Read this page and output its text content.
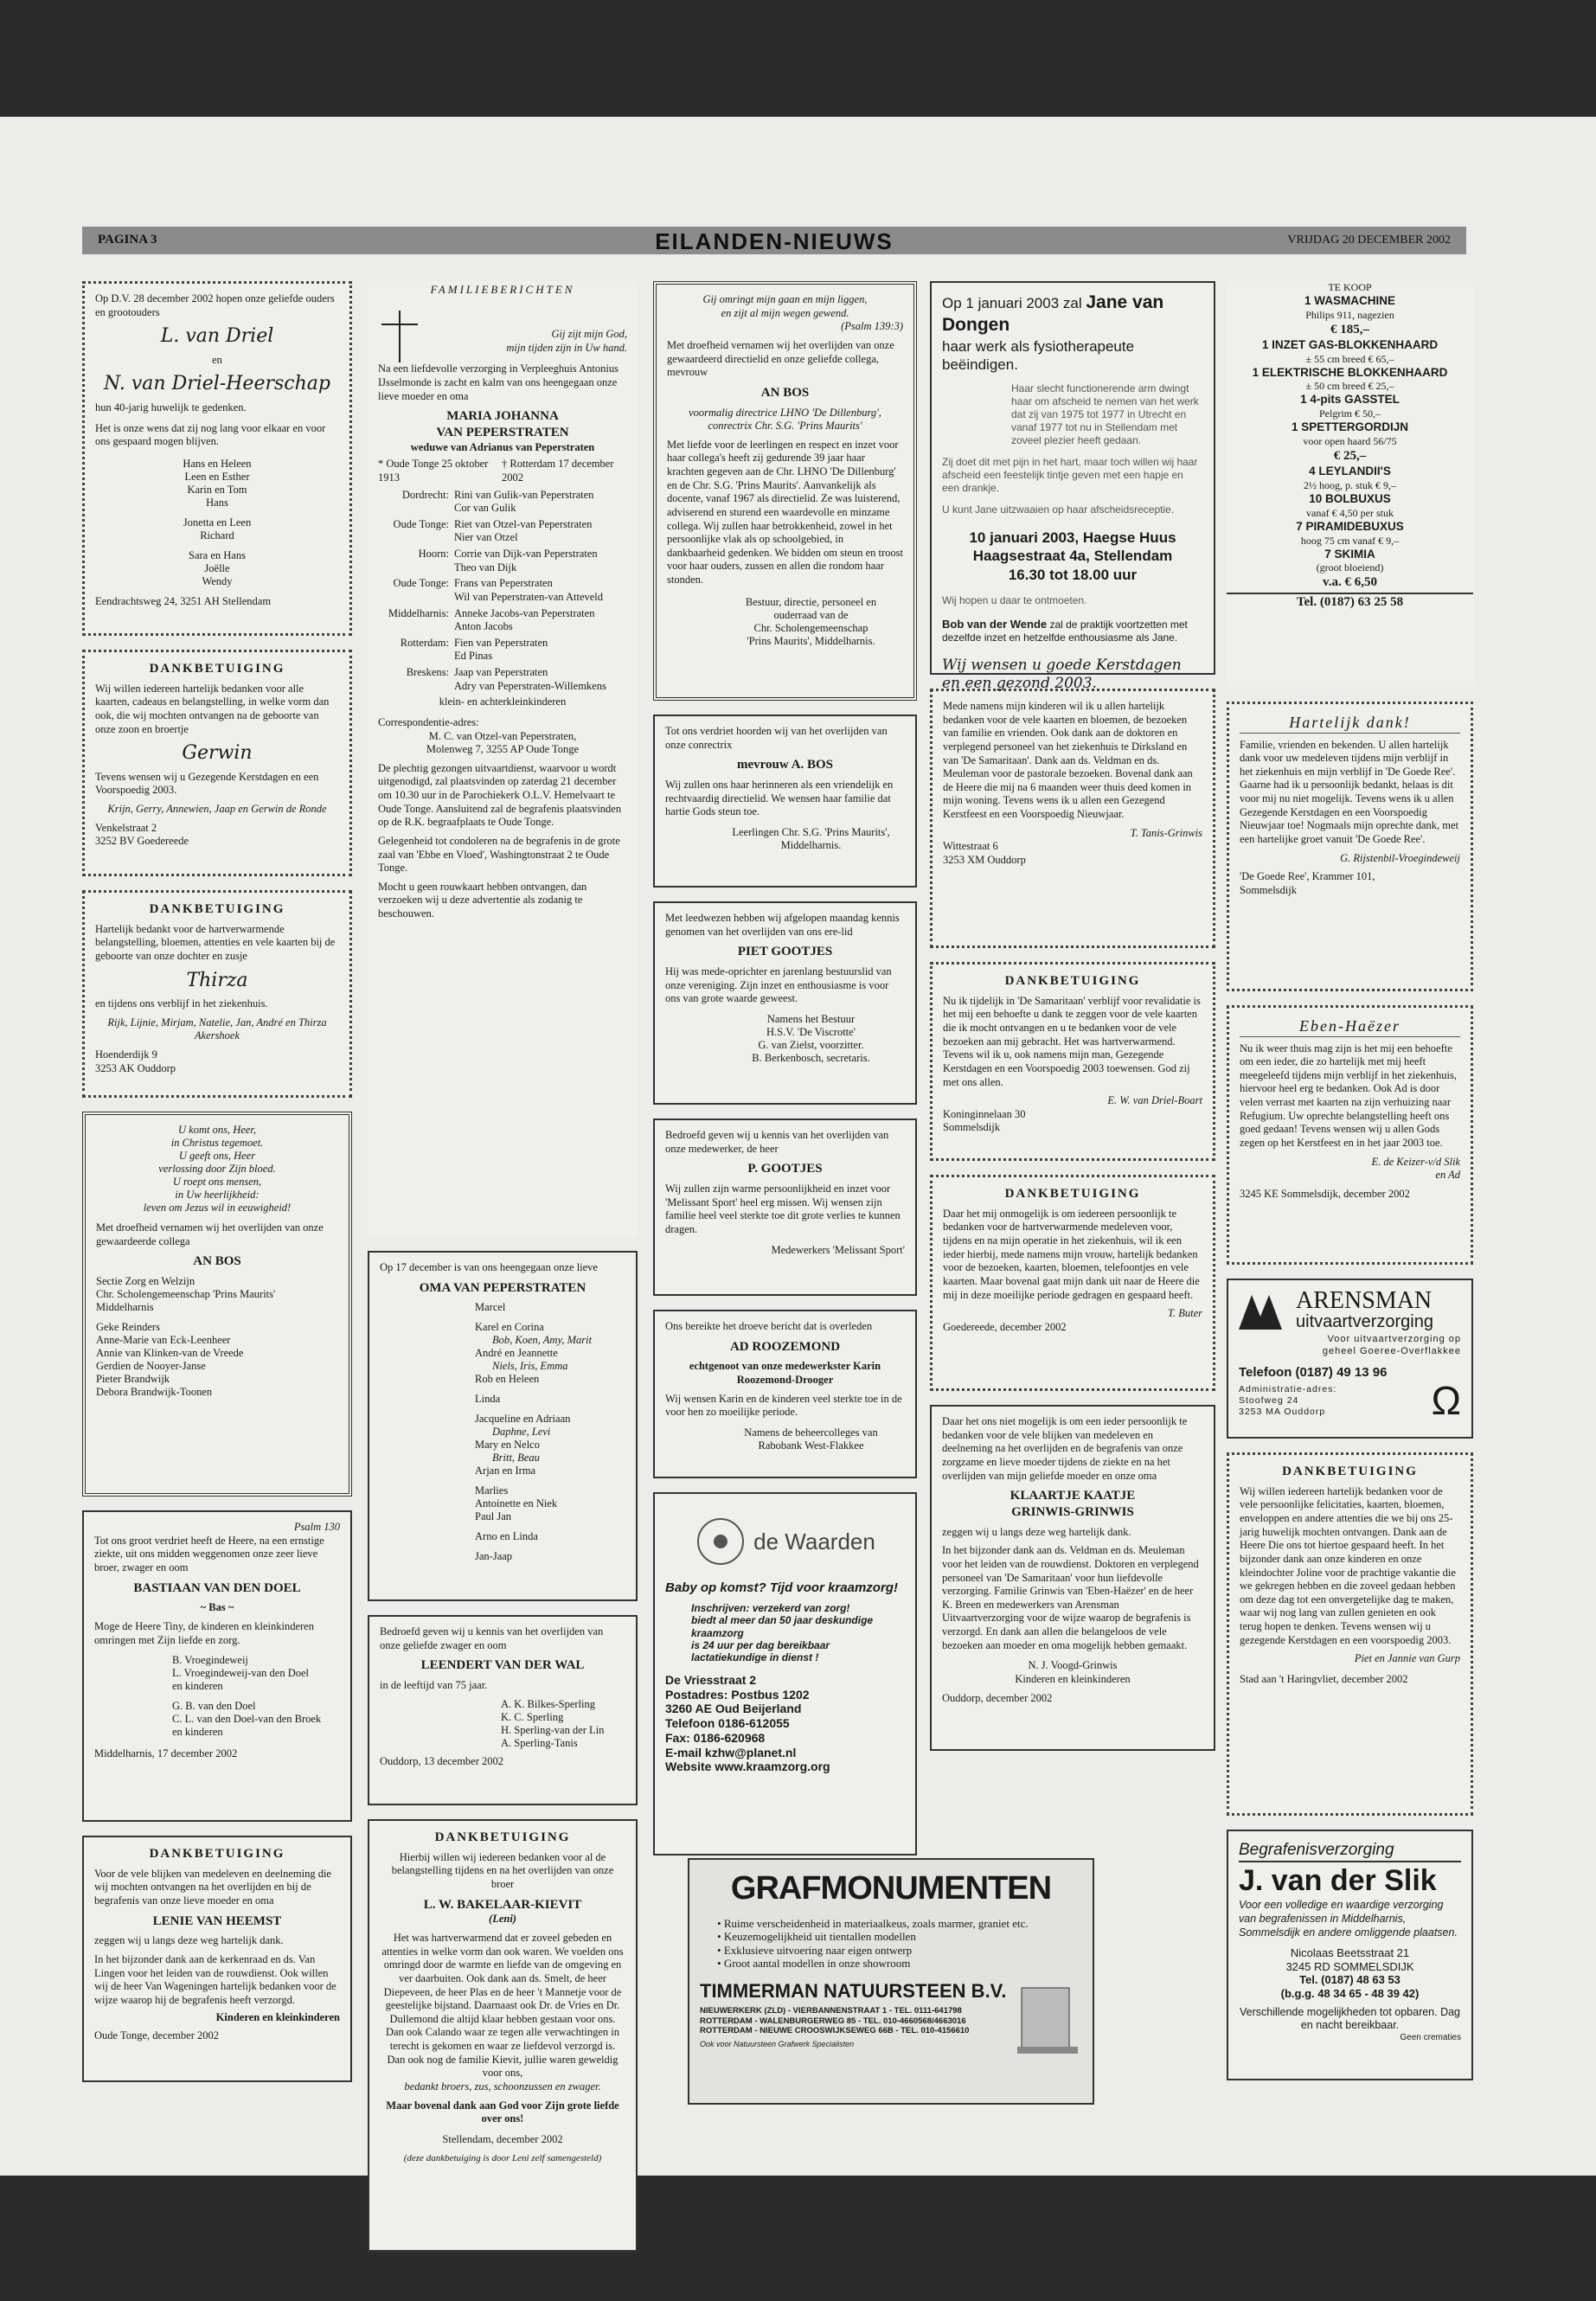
PAGINA 3	EILANDEN-NIEUWS	VRIJDAG 20 DECEMBER 2002
Op D.V. 28 december 2002 hopen onze geliefde ouders en grootouders
L. van Driel
en
N. van Driel-Heerschap
hun 40-jarig huwelijk te gedenken.
Het is onze wens dat zij nog lang voor elkaar en voor ons gespaard mogen blijven.
Hans en Heleen
Leen en Esther
Karin en Tom
Hans
Jonetta en Leen
Richard
Sara en Hans
Joëlle
Wendy
Eendrachtsweg 24, 3251 AH Stellendam
DANKBETUIGING
Wij willen iedereen hartelijk bedanken voor alle kaarten, cadeaus en belangstelling, in welke vorm dan ook, die wij mochten ontvangen na de geboorte van onze zoon en broertje
Gerwin
Tevens wensen wij u Gezegende Kerstdagen en een Voorspoedig 2003.
Krijn, Gerry, Annewien, Jaap en Gerwin de Ronde
Venkelstraat 2
3252 BV Goedereede
DANKBETUIGING
Hartelijk bedankt voor de hartverwarmende belangstelling, bloemen, attenties en vele kaarten bij de geboorte van onze dochter en zusje
Thirza
en tijdens ons verblijf in het ziekenhuis.
Rijk, Lijnie, Mirjam, Natelie, Jan, André en Thirza Akershoek
Hoenderdijk 9
3253 AK Ouddorp
U komt ons, Heer,
in Christus tegemoet.
U geeft ons, Heer
verlossing door Zijn bloed.
U roept ons mensen,
in Uw heerlijkheid:
leven om Jezus wil in eeuwigheid!
Met droefheid vernamen wij het overlijden van onze gewaardeerde collega
AN BOS
Sectie Zorg en Welzijn
Chr. Scholengemeenschap 'Prins Maurits'
Middelharnis
Geke Reinders
Anne-Marie van Eck-Leenheer
Annie van Klinken-van de Vreede
Gerdien de Nooyer-Janse
Pieter Brandwijk
Debora Brandwijk-Toonen
Psalm 130
Tot ons groot verdriet heeft de Heere, na een ernstige ziekte, uit ons midden weggenomen onze zeer lieve broer, zwager en oom
BASTIAAN VAN DEN DOEL
~ Bas ~
Moge de Heere Tiny, de kinderen en kleinkinderen omringen met Zijn liefde en zorg.
B. Vroegindeweij
L. Vroegindeweij-van den Doel
en kinderen
G. B. van den Doel
C. L. van den Doel-van den Broek
en kinderen
Middelharnis, 17 december 2002
DANKBETUIGING
Voor de vele blijken van medeleven en deelneming die wij mochten ontvangen na het overlijden en bij de begrafenis van onze lieve moeder en oma
LENIE VAN HEEMST
zeggen wij u langs deze weg hartelijk dank.
In het bijzonder dank aan de kerkenraad en ds. Van Lingen voor het leiden van de rouwdienst. Ook willen wij de heer Van Wageningen hartelijk bedanken voor de wijze waarop hij de begrafenis heeft verzorgd.
Kinderen en kleinkinderen
Oude Tonge, december 2002
FAMILIEBERICHTEN
Gij zijt mijn God,
mijn tijden zijn in Uw hand.
Na een liefdevolle verzorging in Verpleeghuis Antonius IJsselmonde is zacht en kalm van ons heengegaan onze lieve moeder en oma
MARIA JOHANNA
VAN PEPERSTRATEN
weduwe van Adrianus van Peperstraten
* Oude Tonge 25 oktober 1913
† Rotterdam 17 december 2002
Dordrecht: Rini van Gulik-van Peperstraten
Cor van Gulik
Oude Tonge: Riet van Otzel-van Peperstraten
Nier van Otzel
Hoorn: Corrie van Dijk-van Peperstraten
Theo van Dijk
Oude Tonge: Frans van Peperstraten
Wil van Peperstraten-van Atteveld
Middelharnis: Anneke Jacobs-van Peperstraten
Anton Jacobs
Rotterdam: Fien van Peperstraten
Ed Pinas
Breskens: Jaap van Peperstraten
Adry van Peperstraten-Willemkens
klein- en achterkleinkinderen
Correspondentie-adres:
M. C. van Otzel-van Peperstraten,
Molenweg 7, 3255 AP Oude Tonge
De plechtig gezongen uitvaartdienst, waarvoor u wordt uitgenodigd, zal plaatsvinden op zaterdag 21 december om 10.30 uur in de Parochiekerk O.L.V. Hemelvaart te Oude Tonge. Aansluitend zal de begrafenis plaatsvinden op de R.K. begraafplaats te Oude Tonge.
Gelegenheid tot condoleren na de begrafenis in de grote zaal van 'Ebbe en Vloed', Washingtonstraat 2 te Oude Tonge.
Mocht u geen rouwkaart hebben ontvangen, dan verzoeken wij u deze advertentie als zodanig te beschouwen.
Op 17 december is van ons heengegaan onze lieve
OMA VAN PEPERSTRATEN
Marcel
Karel en Corina
Bob, Koen, Amy, Marit
André en Jeannette
Niels, Iris, Emma
Rob en Heleen
Linda
Jacqueline en Adriaan
Daphne, Levi
Mary en Nelco
Britt, Beau
Arjan en Irma
Marlies
Antoinette en Niek
Paul Jan
Arno en Linda
Jan-Jaap
Bedroefd geven wij u kennis van het overlijden van onze geliefde zwager en oom
LEENDERT VAN DER WAL
in de leeftijd van 75 jaar.
A. K. Bilkes-Sperling
K. C. Sperling
H. Sperling-van der Lin
A. Sperling-Tanis
Ouddorp, 13 december 2002
DANKBETUIGING
Hierbij willen wij iedereen bedanken voor al de belangstelling tijdens en na het overlijden van onze broer
L. W. BAKELAAR-KIEVIT
(Leni)
Het was hartverwarmend dat er zoveel gebeden en attenties in welke vorm dan ook waren. We voelden ons omringd door de warmte en liefde van de omgeving en ver daarbuiten. Ook dank aan ds. Smelt, de heer Diepeveen, de heer Plas en de heer 't Mannetje voor de geestelijke bijstand. Daarnaast ook Dr. de Vries en Dr. Dullemond die altijd klaar hebben gestaan voor ons. Dan ook Calando waar ze tegen alle verwachtingen in terecht is gekomen en waar ze liefdevol verzorgd is. Dan ook nog de familie Kievit, jullie waren geweldig voor ons,
bedankt broers, zus, schoonzussen en zwager.
Maar bovenal dank aan God voor Zijn grote liefde over ons!
Stellendam, december 2002
(deze dankbetuiging is door Leni zelf samengesteld)
Gij omringt mijn gaan en mijn liggen,
en zijt al mijn wegen gewend.
(Psalm 139:3)
Met droefheid vernamen wij het overlijden van onze gewaardeerd directielid en onze geliefde collega, mevrouw
AN BOS
voormalig directrice LHNO 'De Dillenburg', conrectrix Chr. S.G. 'Prins Maurits'
Met liefde voor de leerlingen en respect en inzet voor haar collega's heeft zij gedurende 39 jaar haar krachten gegeven aan de Chr. LHNO 'De Dillenburg' en de Chr. S.G. 'Prins Maurits'. Aanvankelijk als docente, vanaf 1967 als directielid. Ze was luisterend, adviserend en sturend een waardevolle en minzame collega. Wij zullen haar betrokkenheid, zowel in het persoonlijke vlak als op schoolgebied, in dankbaarheid gedenken. We bidden om steun en troost voor haar ouders, zussen en allen die rondom haar stonden.
Bestuur, directie, personeel en
ouderraad van de
Chr. Scholengemeenschap
'Prins Maurits', Middelharnis.
Tot ons verdriet hoorden wij van het overlijden van onze conrectrix
mevrouw A. BOS
Wij zullen ons haar herinneren als een vriendelijk en rechtvaardig directielid. We wensen haar familie dat hartie Gods steun toe.
Leerlingen Chr. S.G. 'Prins Maurits',
Middelharnis.
Met leedwezen hebben wij afgelopen maandag kennis genomen van het overlijden van ons ere-lid
PIET GOOTJES
Hij was mede-oprichter en jarenlang bestuurslid van onze vereniging. Zijn inzet en enthousiasme is voor ons van grote waarde geweest.
Namens het Bestuur
H.S.V. 'De Viscrotte'
G. van Zielst, voorzitter.
B. Berkenbosch, secretaris.
Bedroefd geven wij u kennis van het overlijden van onze medewerker, de heer
P. GOOTJES
Wij zullen zijn warme persoonlijkheid en inzet voor 'Melissant Sport' heel erg missen. Wij wensen zijn familie heel veel sterkte toe dit grote verlies te kunnen dragen.
Medewerkers 'Melissant Sport'
Ons bereikte het droeve bericht dat is overleden
AD ROOZEMOND
echtgenoot van onze medewerkster Karin Roozemond-Drooger
Wij wensen Karin en de kinderen veel sterkte toe in de voor hen zo moeilijke periode.
Namens de beheercolleges van
Rabobank West-Flakkee
de Waarden
Baby op komst? Tijd voor kraamzorg!
Inschrijven: verzekerd van zorg!
biedt al meer dan 50 jaar deskundige kraamzorg
is 24 uur per dag bereikbaar
lactatiekundige in dienst !
De Vriesstraat 2
Postadres: Postbus 1202
3260 AE Oud Beijerland
Telefoon 0186-612055
Fax: 0186-620968
E-mail kzhw@planet.nl
Website www.kraamzorg.org
Op 1 januari 2003 zal Jane van Dongen
haar werk als fysiotherapeute beëindigen.
Haar slecht functionerende arm dwingt haar om afscheid te nemen van het werk dat zij van 1975 tot 1977 in Utrecht en vanaf 1977 tot nu in Stellendam met zoveel plezier heeft gedaan.
Zij doet dit met pijn in het hart, maar toch willen wij haar afscheid een feestelijk tintje geven met een hapje en een drankje.
U kunt Jane uitzwaaien op haar afscheidsreceptie.
10 januari 2003, Haegse Huus
Haagsestraat 4a, Stellendam
16.30 tot 18.00 uur
Wij hopen u daar te ontmoeten.
Bob van der Wende zal de praktijk voortzetten met dezelfde inzet en hetzelfde enthousiasme als Jane.
Wij wensen u goede Kerstdagen en een gezond 2003.
Mede namens mijn kinderen wil ik u allen hartelijk bedanken voor de vele kaarten en bloemen, de bezoeken van familie en vrienden. Ook dank aan de doktoren en verplegend personeel van het ziekenhuis te Dirksland en van 'De Samaritaan'. Dank aan ds. Veldman en ds. Meuleman voor de pastorale bezoeken. Bovenal dank aan de Heere die mij na 6 maanden weer thuis deed komen in mijn woning. Tevens wens ik u allen een Gezegend Kerstfeest en een Voorspoedig Nieuwjaar.
T. Tanis-Grinwis
Wittestraat 6
3253 XM Ouddorp
DANKBETUIGING
Nu ik tijdelijk in 'De Samaritaan' verblijf voor revalidatie is het mij een behoefte u dank te zeggen voor de vele kaarten die ik mocht ontvangen en u te bedanken voor de vele bezoeken aan mij gebracht. Het was hartverwarmend. Tevens wil ik u, ook namens mijn man, Gezegende Kerstdagen en een Voorspoedig 2003 toewensen. God zij met ons allen.
E. W. van Driel-Boart
Koninginnelaan 30
Sommelsdijk
DANKBETUIGING
Daar het mij onmogelijk is om iedereen persoonlijk te bedanken voor de hartverwarmende medeleven voor, tijdens en na mijn operatie in het ziekenhuis, wil ik een ieder hierbij, mede namens mijn vrouw, hartelijk bedanken voor de bezoeken, kaarten, bloemen, telefoontjes en vele kaarten. Maar bovenal gaat mijn dank uit naar de Heere die mij in deze moeilijke periode gedragen en gespaard heeft.
T. Buter
Goedereede, december 2002
Daar het ons niet mogelijk is om een ieder persoonlijk te bedanken voor de vele blijken van medeleven en deelneming na het overlijden en de begrafenis van onze zorgzame en lieve moeder tijdens de ziekte en na het overlijden van mijn geliefde moeder en onze oma
KLAARTJE KAATJE
GRINWIS-GRINWIS
zeggen wij u langs deze weg hartelijk dank.
In het bijzonder dank aan ds. Veldman en ds. Meuleman voor het leiden van de rouwdienst. Doktoren en verplegend personeel van 'De Samaritaan' voor hun liefdevolle verzorging. Familie Grinwis van 'Eben-Haëzer' en de heer K. Breen en medewerkers van Arensman Uitvaartverzorging voor de wijze waarop de begrafenis is verzorgd. En dank aan allen die belangeloos de vele bezoeken aan moeder en oma mogelijk hebben gemaakt.
N. J. Voogd-Grinwis
Kinderen en kleinkinderen
Ouddorp, december 2002
GRAFMONUMENTEN
• Ruime verscheidenheid in materiaalkeus, zoals marmer, graniet etc.
• Keuzemogelijkheid uit tientallen modellen
• Exklusieve uitvoering naar eigen ontwerp
• Groot aantal modellen in onze showroom
TIMMERMAN NATUURSTEEN B.V.
NIEUWERKERK (ZLD) - VIERBANNENSTRAAT 1 - TEL. 0111-641798
ROTTERDAM - WALENBURGERWEG 85 - TEL. 010-4660568/4663016
ROTTERDAM - NIEUWE CROOSWIJKSEWEG 66B - TEL. 010-4156610
Ook voor Natuursteen Grafwerk Specialisten
TE KOOP
1 WASMACHINE
Philips 911, nagezien
€ 185,–
1 INZET GAS-BLOKKENHAARD
± 55 cm breed € 65,–
1 ELEKTRISCHE BLOKKENHAARD
± 50 cm breed € 25,–
1 4-pits GASSTEL
Pelgrim € 50,–
1 SPETTERGORDIJN
voor open haard 56/75
€ 25,–
4 LEYLANDII'S
2½ hoog, p. stuk € 9,–
10 BOLBUXUS
vanaf € 4,50 per stuk
7 PIRAMIDEBUXUS
hoog 75 cm vanaf € 9,–
7 SKIMIA
(groot bloeiend)
v.a. € 6,50
Tel. (0187) 63 25 58
Hartelijk dank!
Familie, vrienden en bekenden. U allen hartelijk dank voor uw medeleven tijdens mijn verblijf in het ziekenhuis en mijn verblijf in 'De Goede Ree'. Gaarne had ik u persoonlijk bedankt, helaas is dit voor mij nu niet mogelijk. Tevens wens ik u allen Gezegende Kerstdagen en een Voorspoedig Nieuwjaar toe! Nogmaals mijn oprechte dank, met een hartelijke groet vanuit 'De Goede Ree'.
G. Rijstenbil-Vroegindeweij
'De Goede Ree', Krammer 101,
Sommelsdijk
Eben-Haëzer
Nu ik weer thuis mag zijn is het mij een behoefte om een ieder, die zo hartelijk met mij heeft meegeleefd tijdens mijn verblijf in het ziekenhuis, hiervoor heel erg te bedanken. Ook Ad is door velen verrast met kaarten na zijn verhuizing naar Refugium. Uw oprechte belangstelling heeft ons goed gedaan! Tevens wensen wij u allen Gods zegen op het Kerstfeest en in het jaar 2003 toe.
E. de Keizer-v/d Slik
en Ad
3245 KE Sommelsdijk, december 2002
ARENSMAN
uitvaartverzorging
Voor uitvaartverzorging op
geheel Goeree-Overflakkee
Telefoon (0187) 49 13 96
Administratie-adres:
Stoofweg 24
3253 MA Ouddorp	Ω
DANKBETUIGING
Wij willen iedereen hartelijk bedanken voor de vele persoonlijke felicitaties, kaarten, bloemen, enveloppen en andere attenties die we bij ons 25-jarig huwelijk mochten ontvangen. Dank aan de Heere Die ons tot hiertoe gespaard heeft. In het bijzonder dank aan onze kinderen en onze kleindochter Joline voor de prachtige vakantie die we gekregen hebben en die zoveel gedaan hebben om deze dag tot een onvergetelijke dag te maken, waar wij nog lang van zullen genieten en ook terug hopen te denken. Tevens wensen wij u gezegende Kerstdagen en een voorspoedig 2003.
Piet en Jannie van Gurp
Stad aan 't Haringvliet, december 2002
Begrafenisverzorging
J. van der Slik
Voor een volledige en waardige verzorging van begrafenissen in Middelharnis, Sommelsdijk en andere omliggende plaatsen.
Nicolaas Beetsstraat 21
3245 RD SOMMELSDIJK
Tel. (0187) 48 63 53
(b.g.g. 48 34 65 - 48 39 42)
Verschillende mogelijkheden tot opbaren. Dag en nacht bereikbaar.
Geen crematies
